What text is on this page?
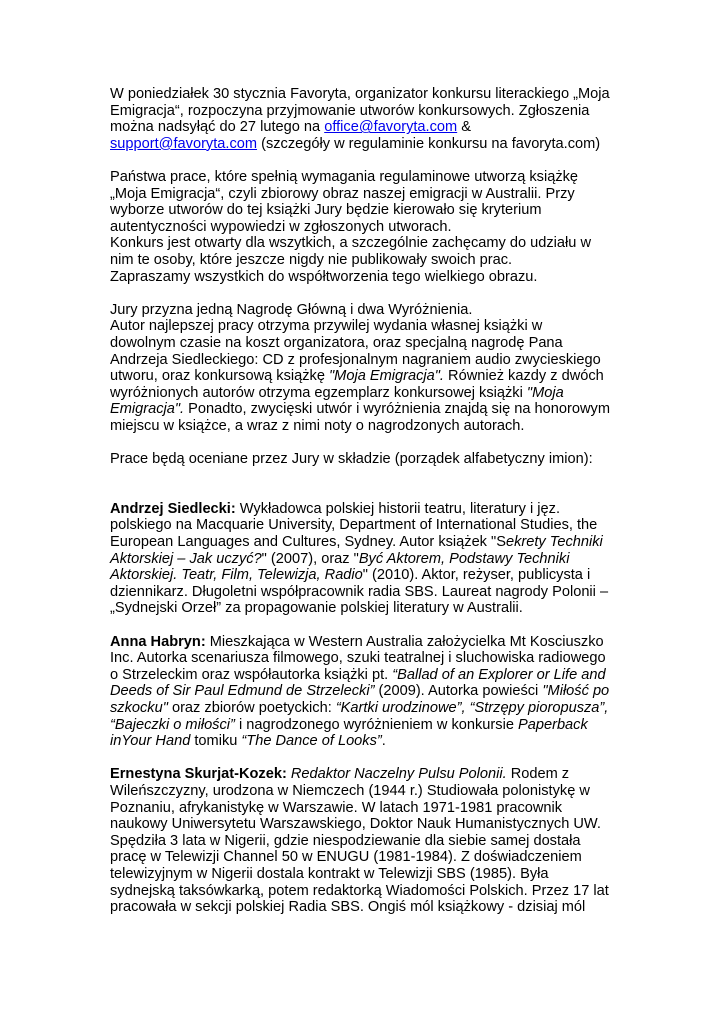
W poniedziałek 30 stycznia Favoryta, organizator konkursu literackiego „Moja Emigracja“, rozpoczyna przyjmowanie utworów konkursowych. Zgłoszenia można nadsyłąć do 27 lutego na office@favoryta.com &
support@favoryta.com (szczegóły w regulaminie konkursu na favoryta.com)

Państwa prace, które spełnią wymagania regulaminowe utworzą książkę „Moja Emigracja“, czyli zbiorowy obraz naszej emigracji w Australii. Przy wyborze utworów do tej książki Jury będzie kierowało się kryterium autentyczności wypowiedzi w zgłoszonych utworach.

Konkurs jest otwarty dla wszytkich, a szczególnie zachęcamy do udziału w nim te osoby, które jeszcze nigdy nie publikowały swoich prac.

Zapraszamy wszystkich do współtworzenia tego wielkiego obrazu.

Jury przyzna jedną Nagrodę Główną i dwa Wyróżnienia.

Autor najlepszej pracy otrzyma przywilej wydania własnej książki w dowolnym czasie na koszt organizatora, oraz specjalną nagrodę Pana Andrzeja Siedleckiego: CD z profesjonalnym nagraniem audio zwycieskiego utworu, oraz konkursową książkę "Moja Emigracja". Również kazdy z dwóch wyróżnionych autorów otrzyma egzemplarz konkursowej książki "Moja Emigracja". Ponadto, zwycięski utwór i wyróżnienia znajdą się na honorowym miejscu w książce, a wraz z nimi noty o nagrodzonych autorach.

Prace będą oceniane przez Jury w składzie (porządek alfabetyczny imion):

Andrzej Siedlecki: Wykładowca polskiej historii teatru, literatury i jęz. polskiego na Macquarie University, Department of International Studies, the European Languages and Cultures, Sydney. Autor książek "Sekrety Techniki Aktorskiej – Jak uczyć?" (2007), oraz "Być Aktorem, Podstawy Techniki Aktorskiej. Teatr, Film, Telewizja, Radio" (2010). Aktor, reżyser, publicysta i dziennikarz. Długoletni współpracownik radia SBS. Laureat nagrody Polonii – „Sydnejski Orzeł” za propagowanie polskiej literatury w Australii.

Anna Habryn: Mieszkająca w Western Australia założycielka Mt Kosciuszko Inc. Autorka scenariusza filmowego, szuki teatralnej i sluchowiska radiowego o Strzeleckim oraz współautorka książki pt. “Ballad of an Explorer or Life and Deeds of Sir Paul Edmund de Strzelecki” (2009). Autorka powieści "Miłość po szkocku" oraz zbiorów poetyckich: “Kartki urodzinowe”, “Strzępy pioropusza”, “Bajeczki o miłości” i nagrodzonego wyróżnieniem w konkursie Paperback inYour Hand tomiku “The Dance of Looks”.

Ernestyna Skurjat-Kozek: Redaktor Naczelny Pulsu Polonii. Rodem z Wileńszczyzny, urodzona w Niemczech (1944 r.) Studiowała polonistykę w Poznaniu, afrykanistykę w Warszawie. W latach 1971-1981 pracownik naukowy Uniwersytetu Warszawskiego, Doktor Nauk Humanistycznych UW. Spędziła 3 lata w Nigerii, gdzie niespodziewanie dla siebie samej dostała pracę w Telewizji Channel 50 w ENUGU (1981-1984). Z doświadczeniem telewizyjnym w Nigerii dostala kontrakt w Telewizji SBS (1985). Była sydnejską taksówkarką, potem redaktorką Wiadomości Polskich. Przez 17 lat pracowała w sekcji polskiej Radia SBS. Ongiś mól książkowy - dzisiaj mól
